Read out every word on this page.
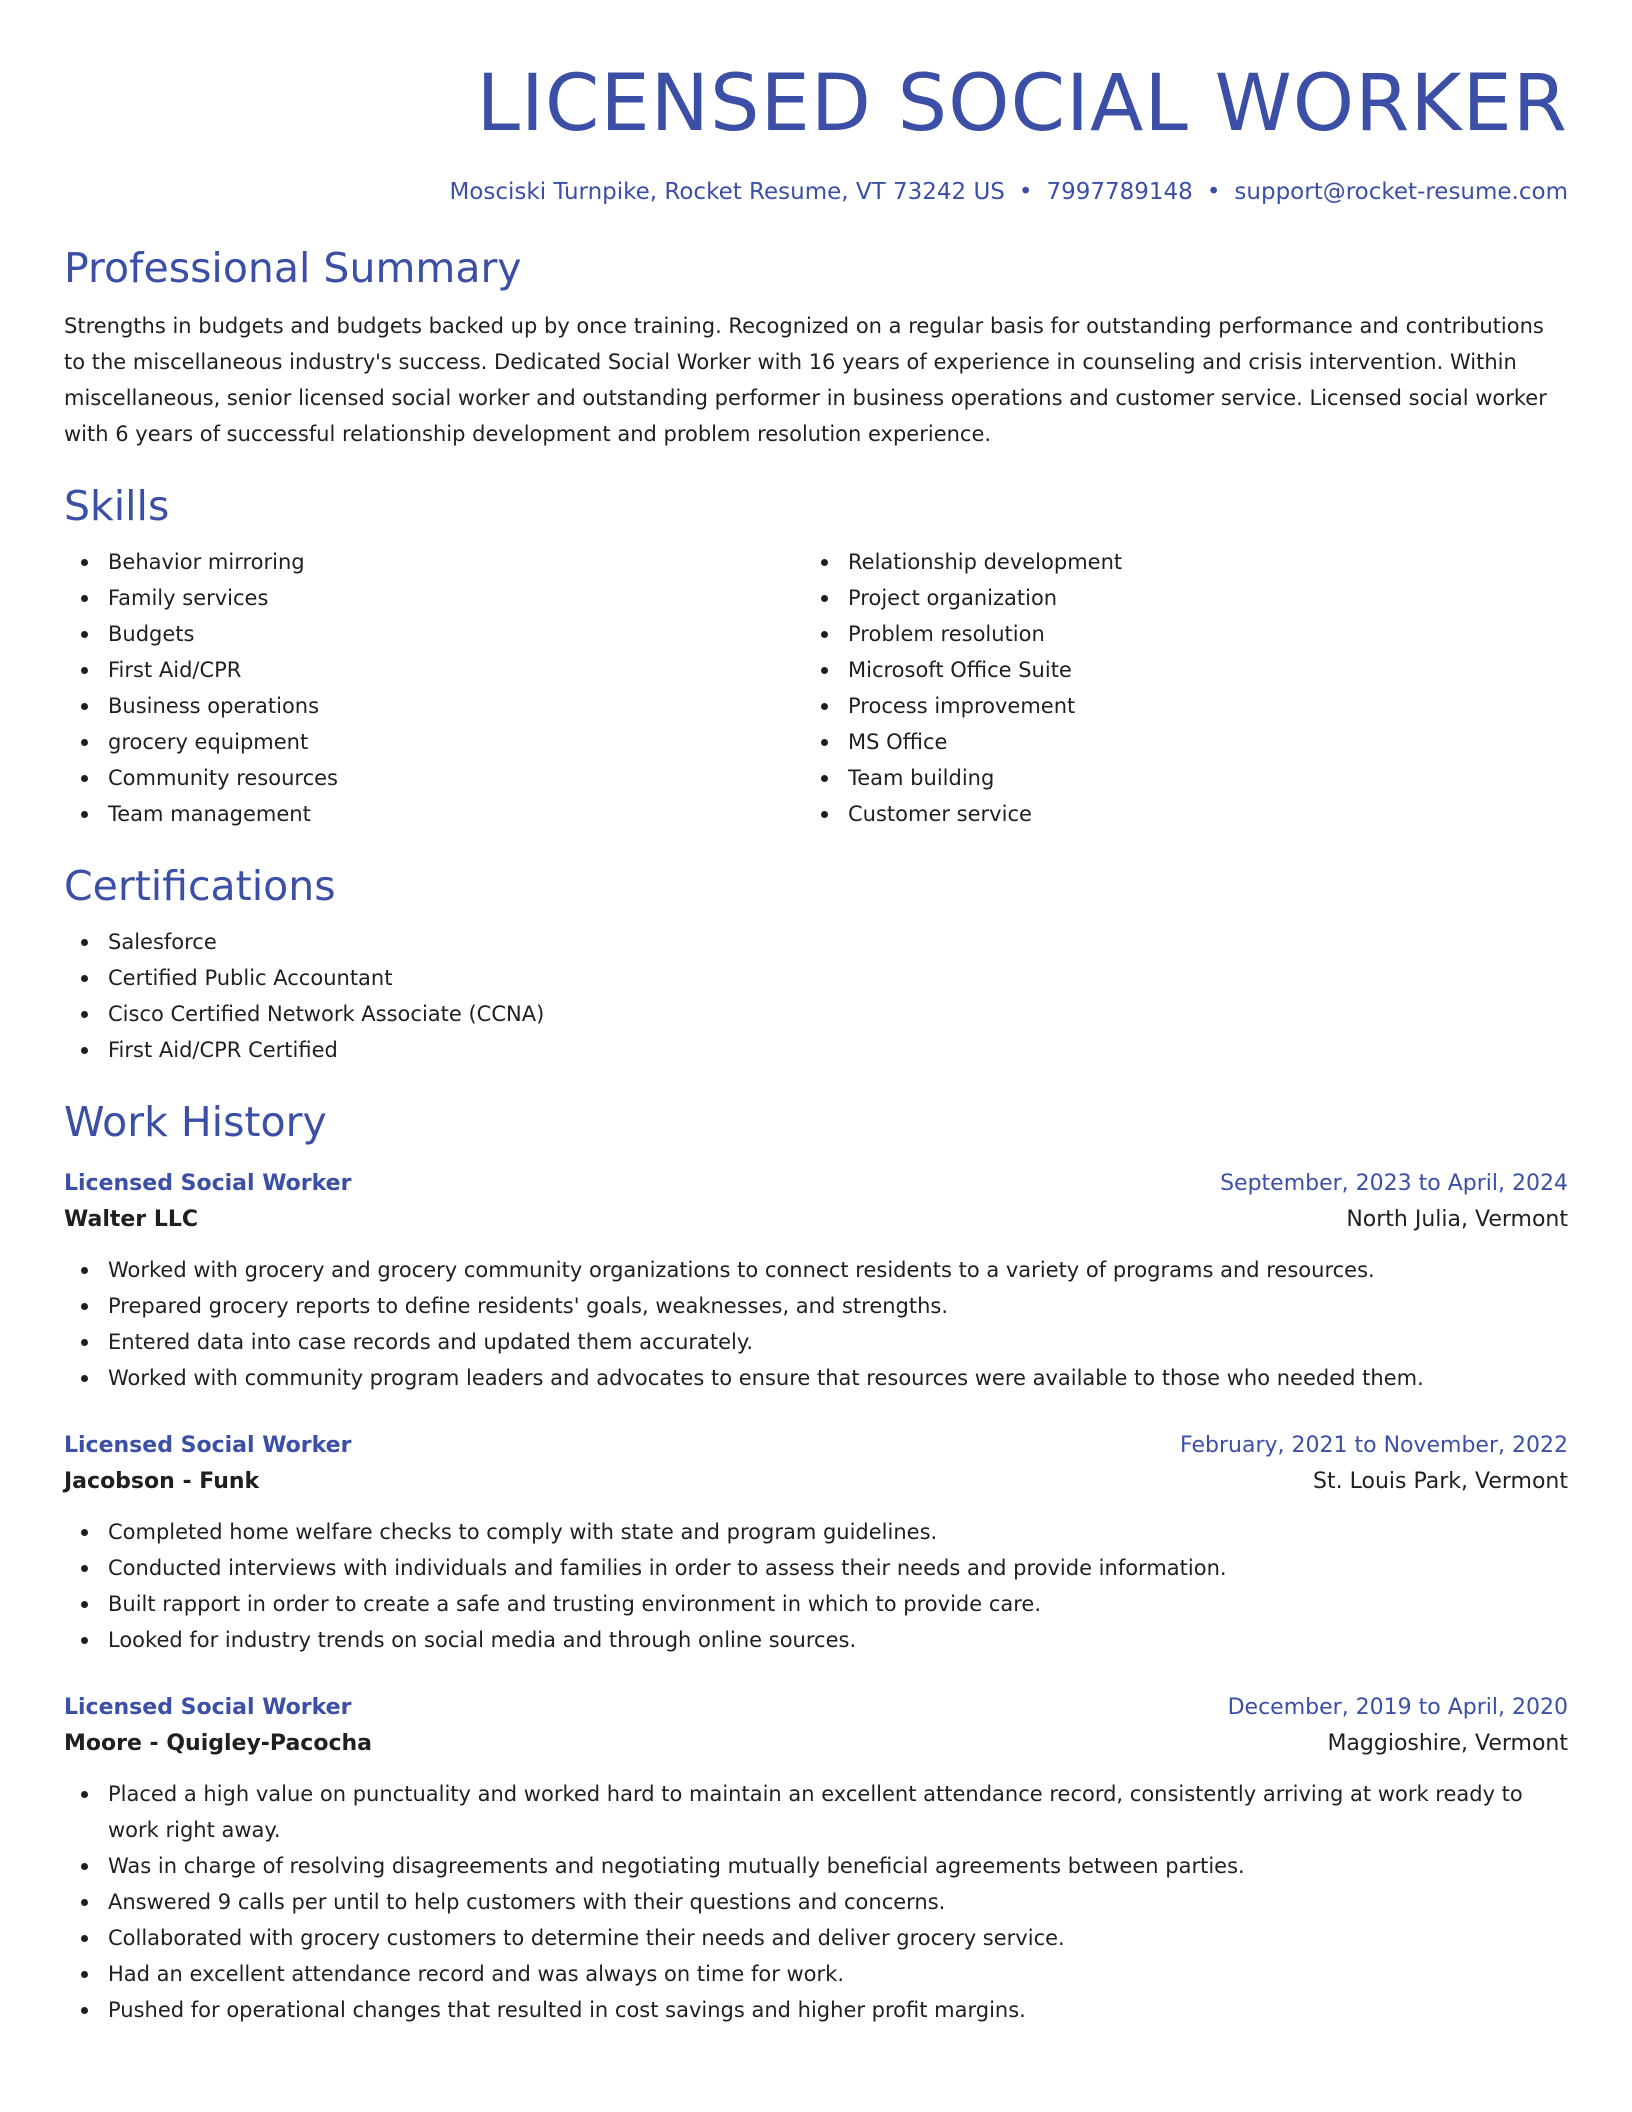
LICENSED SOCIAL WORKER
Mosciski Turnpike, Rocket Resume, VT 73242 US • 7997789148 • support@rocket-resume.com
Professional Summary

Strengths in budgets and budgets backed up by once training. Recognized on a regular basis for outstanding performance and contributions to the miscellaneous industry's success. Dedicated Social Worker with 16 years of experience in counseling and crisis intervention. Within miscellaneous, senior licensed social worker and outstanding performer in business operations and customer service. Licensed social worker with 6 years of successful relationship development and problem resolution experience.

Skills
Behavior mirroring
Family services
Budgets
First Aid/CPR
Business operations
grocery equipment
Community resources
Team management
Relationship development
Project organization
Problem resolution
Microsoft Office Suite
Process improvement
MS Office
Team building
Customer service
Certifications
Salesforce
Certified Public Accountant
Cisco Certified Network Associate (CCNA)
First Aid/CPR Certified
Work History
Licensed Social Worker	September, 2023 to April, 2024
Walter LLC	North Julia, Vermont
Worked with grocery and grocery community organizations to connect residents to a variety of programs and resources.
Prepared grocery reports to define residents' goals, weaknesses, and strengths.
Entered data into case records and updated them accurately.
Worked with community program leaders and advocates to ensure that resources were available to those who needed them.
Licensed Social Worker	February, 2021 to November, 2022
Jacobson - Funk	St. Louis Park, Vermont
Completed home welfare checks to comply with state and program guidelines.
Conducted interviews with individuals and families in order to assess their needs and provide information.
Built rapport in order to create a safe and trusting environment in which to provide care.
Looked for industry trends on social media and through online sources.
Licensed Social Worker	December, 2019 to April, 2020
Moore - Quigley-Pacocha	Maggioshire, Vermont
Placed a high value on punctuality and worked hard to maintain an excellent attendance record, consistently arriving at work ready to work right away.
Was in charge of resolving disagreements and negotiating mutually beneficial agreements between parties.
Answered 9 calls per until to help customers with their questions and concerns.
Collaborated with grocery customers to determine their needs and deliver grocery service.
Had an excellent attendance record and was always on time for work.
Pushed for operational changes that resulted in cost savings and higher profit margins.
